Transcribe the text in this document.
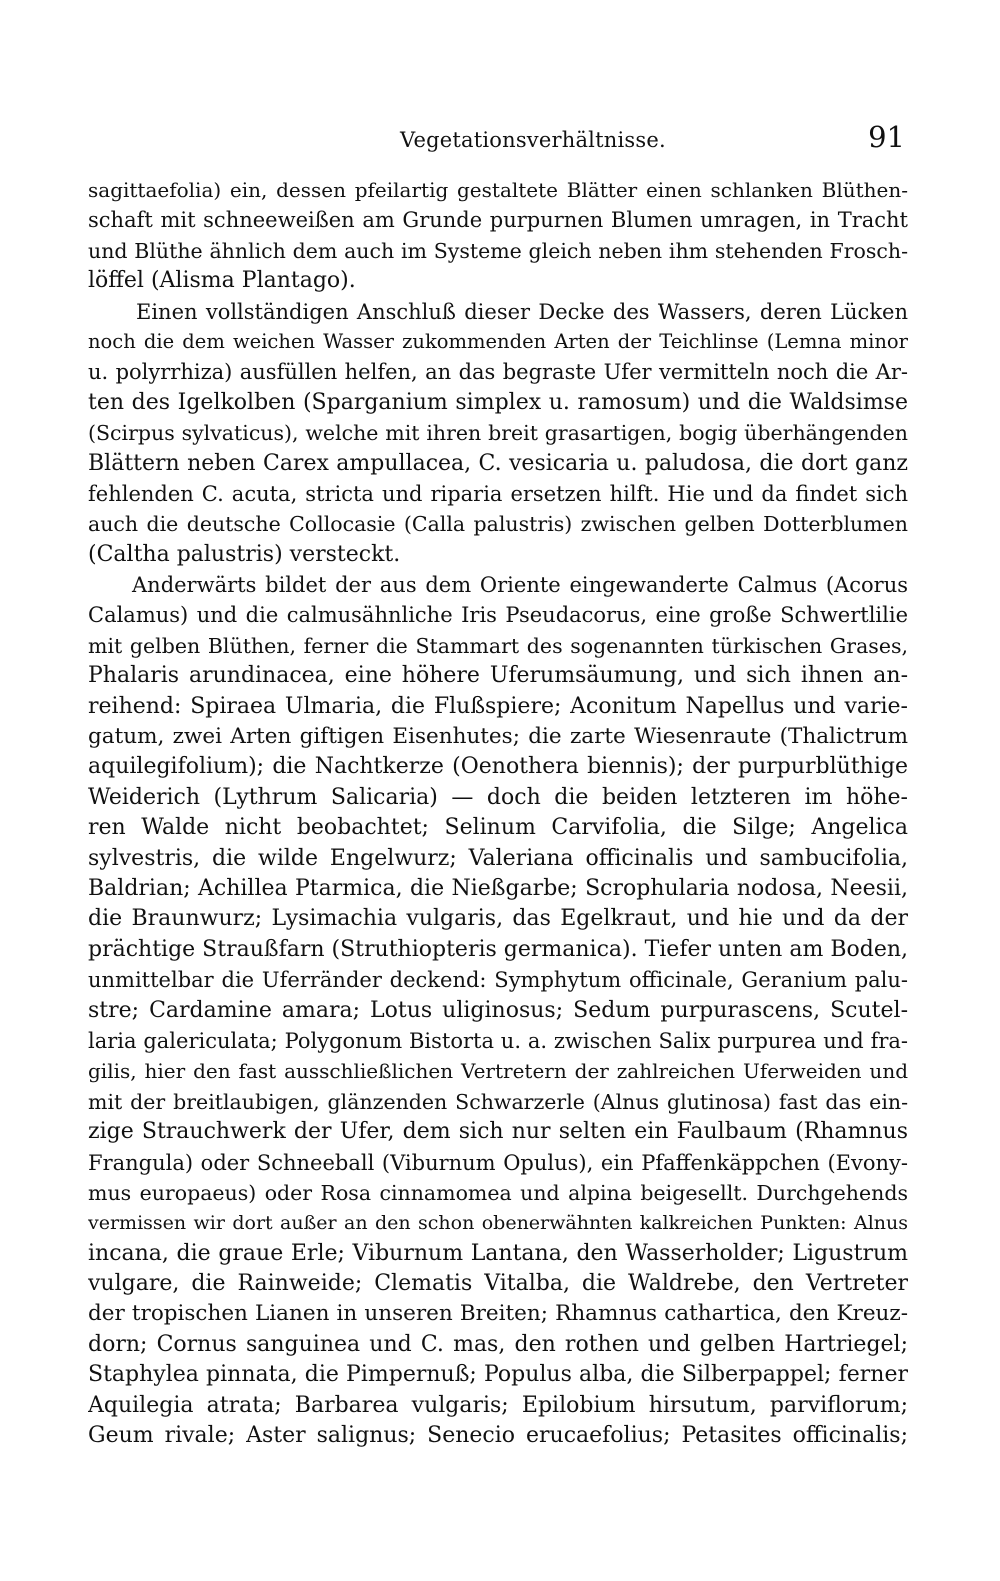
Vegetationsverhältnisse.	91
sagittaefolia) ein, dessen pfeilartig gestaltete Blätter einen schlanken Blüthen-
schaft mit schneeweißen am Grunde purpurnen Blumen umragen, in Tracht
und Blüthe ähnlich dem auch im Systeme gleich neben ihm stehenden Frosch-
löffel (Alisma Plantago).
Einen vollständigen Anschluß dieser Decke des Wassers, deren Lücken
noch die dem weichen Wasser zukommenden Arten der Teichlinse (Lemna minor
u. polyrrhiza) ausfüllen helfen, an das begraste Ufer vermitteln noch die Ar-
ten des Igelkolben (Sparganium simplex u. ramosum) und die Waldsimse
(Scirpus sylvaticus), welche mit ihren breit grasartigen, bogig überhängenden
Blättern neben Carex ampullacea, C. vesicaria u. paludosa, die dort ganz
fehlenden C. acuta, stricta und riparia ersetzen hilft. Hie und da findet sich
auch die deutsche Collocasie (Calla palustris) zwischen gelben Dotterblumen
(Caltha palustris) versteckt.
Anderwärts bildet der aus dem Oriente eingewanderte Calmus (Acorus
Calamus) und die calmusähnliche Iris Pseudacorus, eine große Schwertlilie
mit gelben Blüthen, ferner die Stammart des sogenannten türkischen Grases,
Phalaris arundinacea, eine höhere Uferumsäumung, und sich ihnen an-
reihend: Spiraea Ulmaria, die Flußspiere; Aconitum Napellus und varie-
gatum, zwei Arten giftigen Eisenhutes; die zarte Wiesenraute (Thalictrum
aquilegifolium); die Nachtkerze (Oenothera biennis); der purpurblüthige
Weiderich (Lythrum Salicaria) — doch die beiden letzteren im höhe-
ren Walde nicht beobachtet; Selinum Carvifolia, die Silge; Angelica
sylvestris, die wilde Engelwurz; Valeriana officinalis und sambucifolia,
Baldrian; Achillea Ptarmica, die Nießgarbe; Scrophularia nodosa, Neesii,
die Braunwurz; Lysimachia vulgaris, das Egelkraut, und hie und da der
prächtige Straußfarn (Struthiopteris germanica). Tiefer unten am Boden,
unmittelbar die Uferränder deckend: Symphytum officinale, Geranium palu-
stre; Cardamine amara; Lotus uliginosus; Sedum purpurascens, Scutel-
laria galericulata; Polygonum Bistorta u. a. zwischen Salix purpurea und fra-
gilis, hier den fast ausschließlichen Vertretern der zahlreichen Uferweiden und
mit der breitlaubigen, glänzenden Schwarzerle (Alnus glutinosa) fast das ein-
zige Strauchwerk der Ufer, dem sich nur selten ein Faulbaum (Rhamnus
Frangula) oder Schneeball (Viburnum Opulus), ein Pfaffenkäppchen (Evony-
mus europaeus) oder Rosa cinnamomea und alpina beigesellt. Durchgehends
vermissen wir dort außer an den schon obenerwähnten kalkreichen Punkten: Alnus
incana, die graue Erle; Viburnum Lantana, den Wasserholder; Ligustrum
vulgare, die Rainweide; Clematis Vitalba, die Waldrebe, den Vertreter
der tropischen Lianen in unseren Breiten; Rhamnus cathartica, den Kreuz-
dorn; Cornus sanguinea und C. mas, den rothen und gelben Hartriegel;
Staphylea pinnata, die Pimpernuß; Populus alba, die Silberpappel; ferner
Aquilegia atrata; Barbarea vulgaris; Epilobium hirsutum, parviflorum;
Geum rivale; Aster salignus; Senecio erucaefolius; Petasites officinalis;
